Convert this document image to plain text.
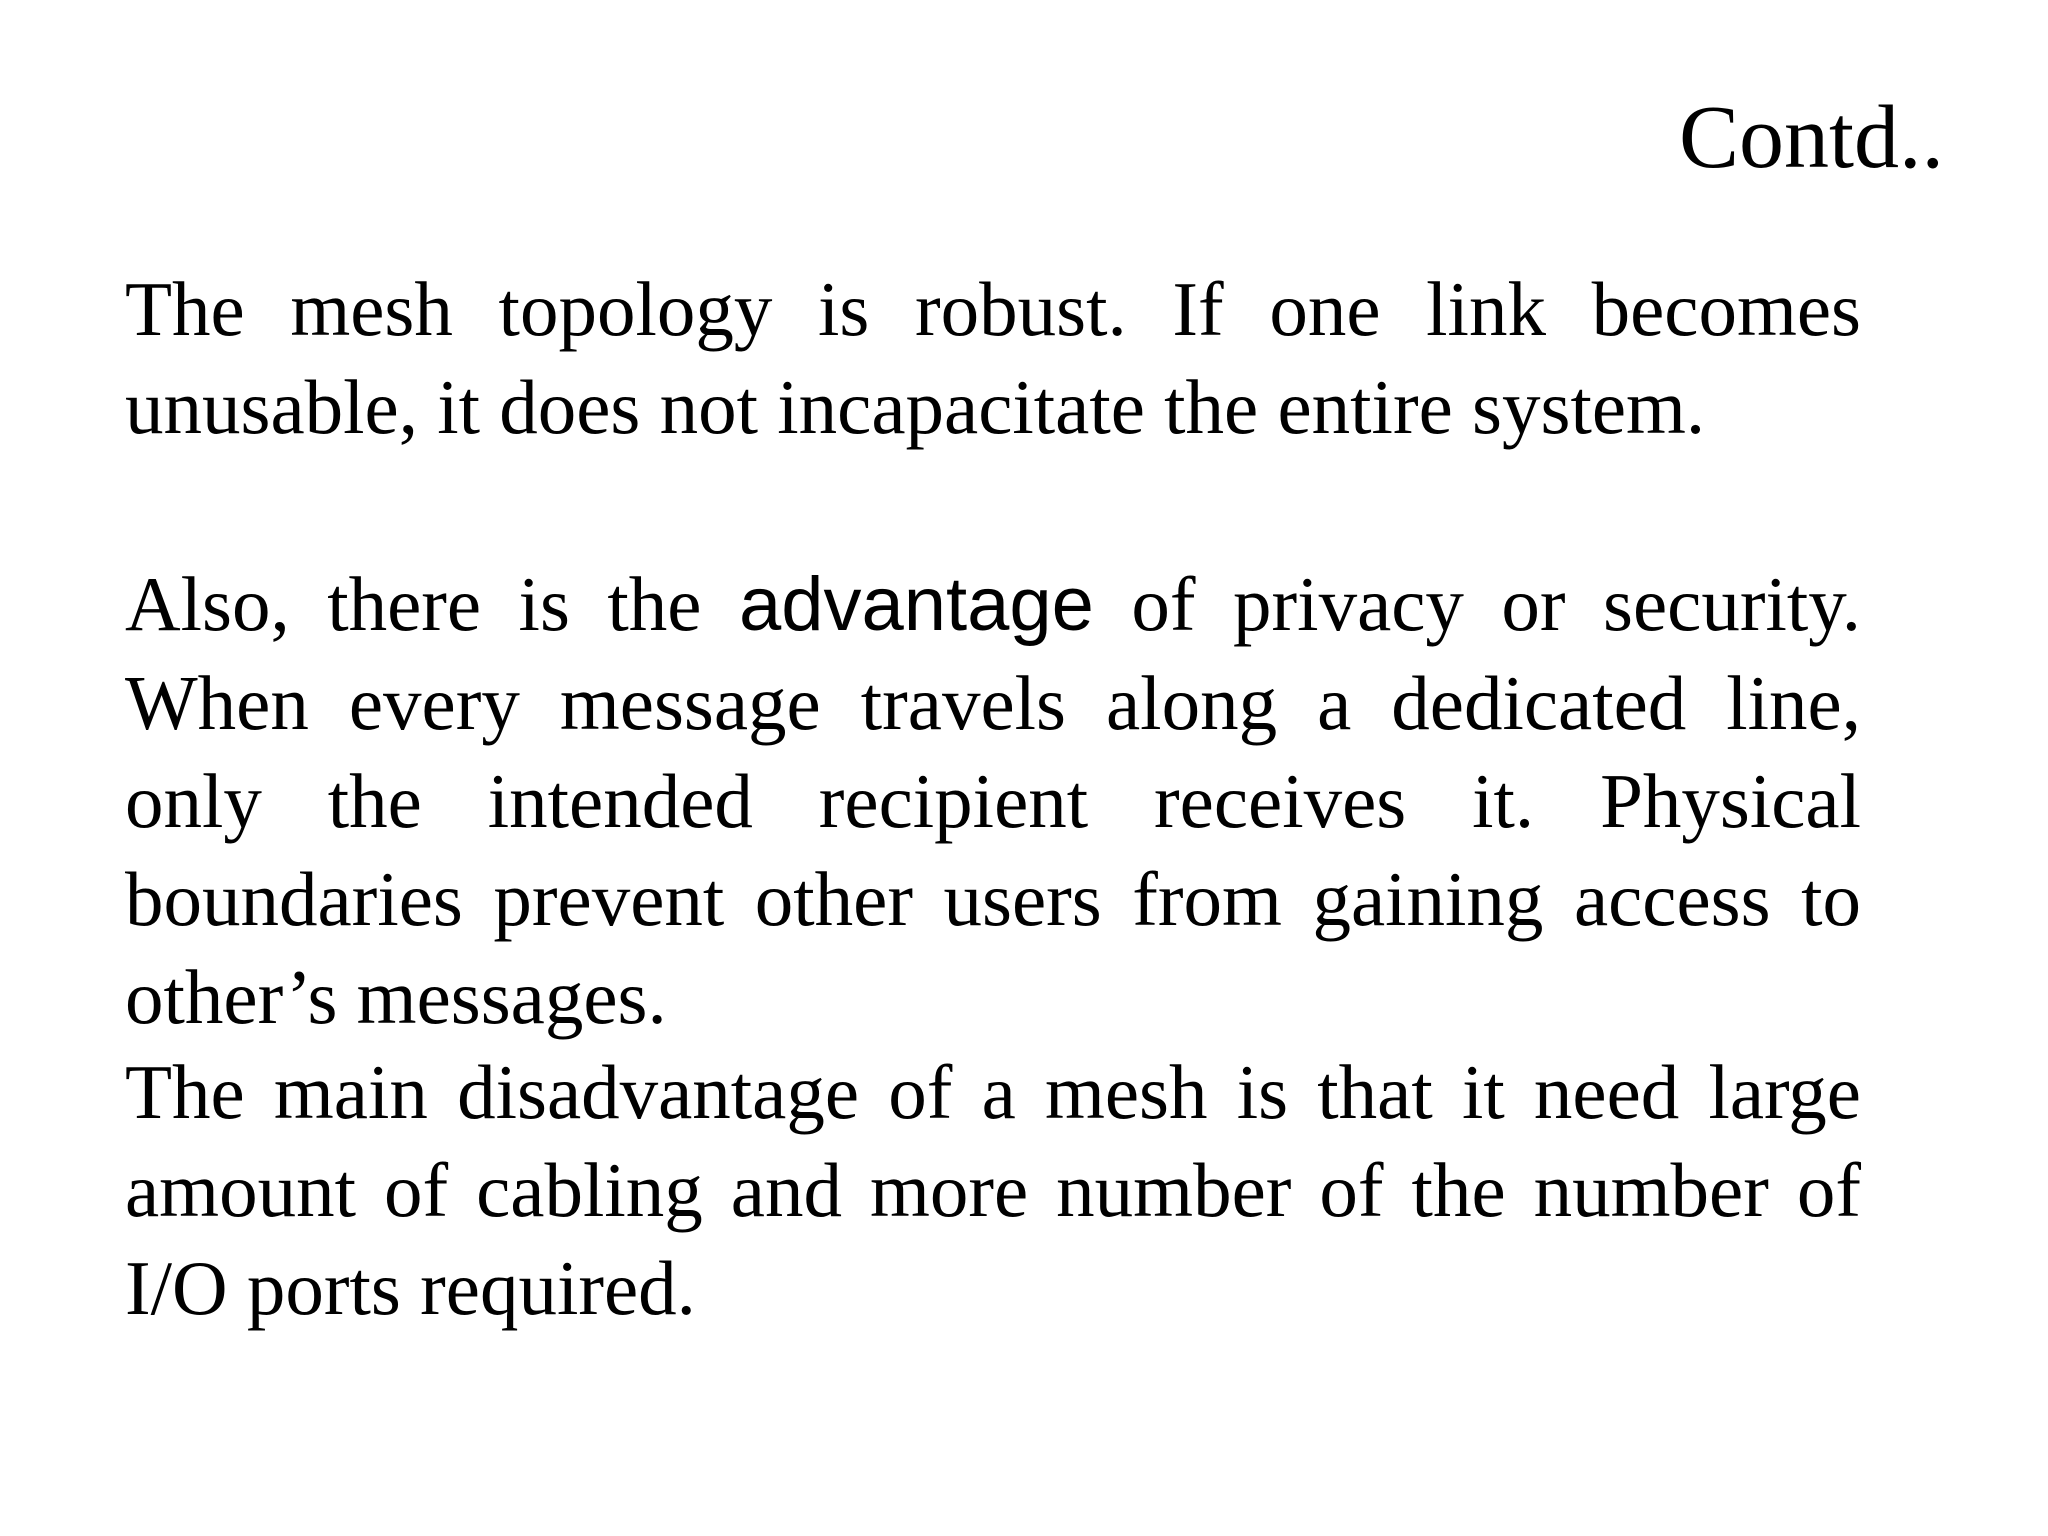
Contd..

The mesh topology is robust. If one link becomes unusable, it does not incapacitate the entire system.

Also, there is the advantage of privacy or security. When every message travels along a dedicated line, only the intended recipient receives it. Physical boundaries prevent other users from gaining access to other’s messages.

The main disadvantage of a mesh is that it need large amount of cabling and more number of the number of I/O ports required.
